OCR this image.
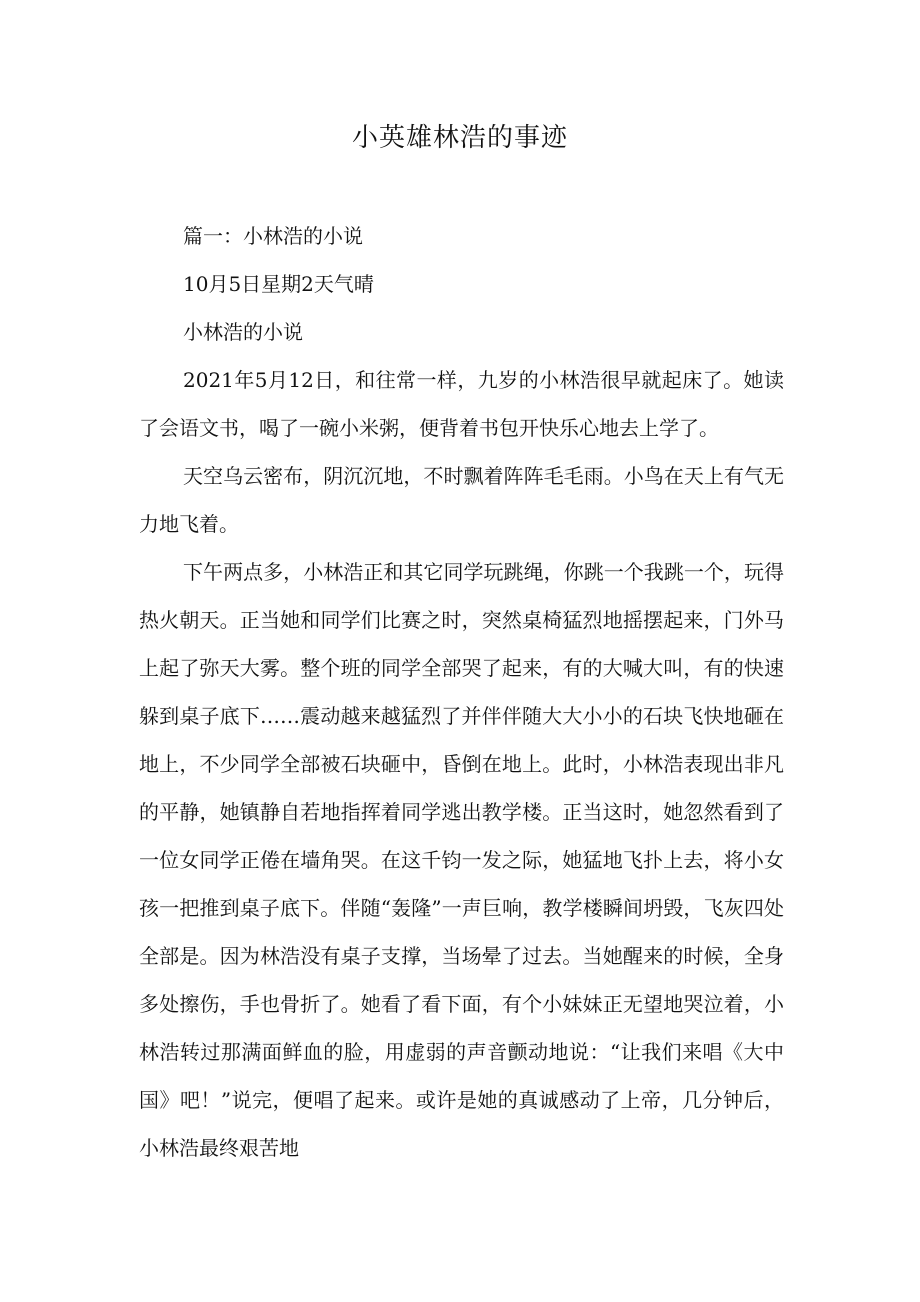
小英雄林浩的事迹

篇一：小林浩的小说

10月5日星期2天气晴

小林浩的小说

2021年5月12日，和往常一样，九岁的小林浩很早就起床了。她读了会语文书，喝了一碗小米粥，便背着书包开快乐心地去上学了。

天空乌云密布，阴沉沉地，不时飘着阵阵毛毛雨。小鸟在天上有气无力地飞着。

下午两点多，小林浩正和其它同学玩跳绳，你跳一个我跳一个，玩得热火朝天。正当她和同学们比赛之时，突然桌椅猛烈地摇摆起来，门外马上起了弥天大雾。整个班的同学全部哭了起来，有的大喊大叫，有的快速躲到桌子底下……震动越来越猛烈了并伴伴随大大小小的石块飞快地砸在地上，不少同学全部被石块砸中，昏倒在地上。此时，小林浩表现出非凡的平静，她镇静自若地指挥着同学逃出教学楼。正当这时，她忽然看到了一位女同学正倦在墙角哭。在这千钧一发之际，她猛地飞扑上去，将小女孩一把推到桌子底下。伴随“轰隆”一声巨响，教学楼瞬间坍毁，飞灰四处全部是。因为林浩没有桌子支撑，当场晕了过去。当她醒来的时候，全身多处擦伤，手也骨折了。她看了看下面，有个小妹妹正无望地哭泣着，小林浩转过那满面鲜血的脸，用虚弱的声音颤动地说：“让我们来唱《大中国》吧！”说完，便唱了起来。或许是她的真诚感动了上帝，几分钟后，小林浩最终艰苦地
